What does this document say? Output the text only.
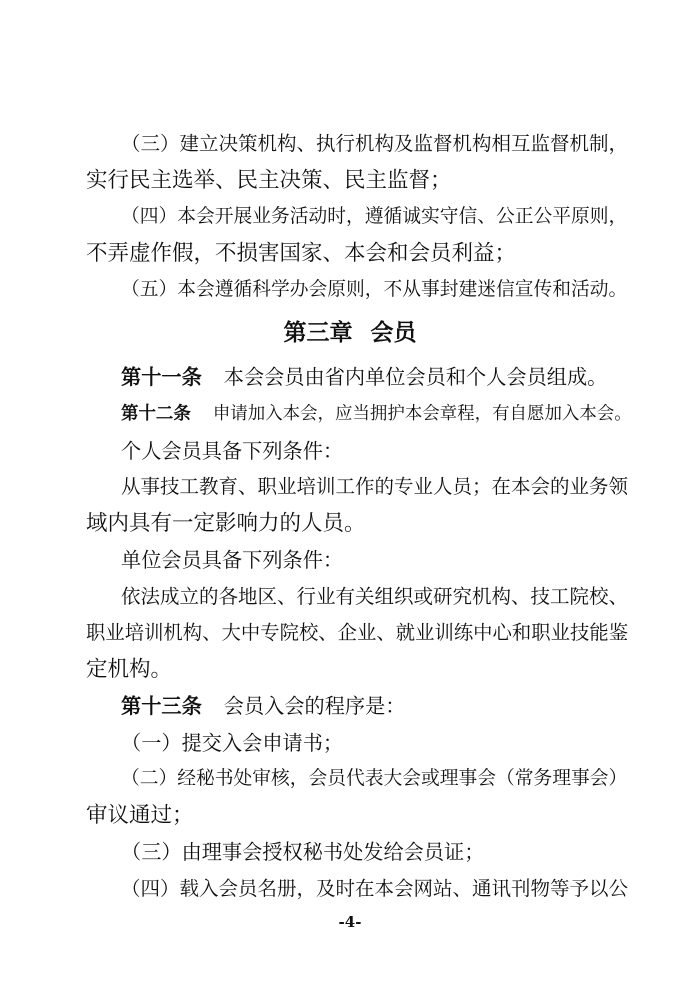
（三）建立决策机构、执行机构及监督机构相互监督机制，
实行民主选举、民主决策、民主监督；
（四）本会开展业务活动时，遵循诚实守信、公正公平原则，
不弄虚作假，不损害国家、本会和会员利益；
（五）本会遵循科学办会原则，不从事封建迷信宣传和活动。
第三章 会员
第十一条 本会会员由省内单位会员和个人会员组成。
第十二条 申请加入本会，应当拥护本会章程，有自愿加入本会。
个人会员具备下列条件：
从事技工教育、职业培训工作的专业人员；在本会的业务领
域内具有一定影响力的人员。
单位会员具备下列条件：
依法成立的各地区、行业有关组织或研究机构、技工院校、
职业培训机构、大中专院校、企业、就业训练中心和职业技能鉴
定机构。
第十三条 会员入会的程序是：
（一）提交入会申请书；
（二）经秘书处审核，会员代表大会或理事会（常务理事会）
审议通过；
（三）由理事会授权秘书处发给会员证；
（四）载入会员名册，及时在本会网站、通讯刊物等予以公
-4-
